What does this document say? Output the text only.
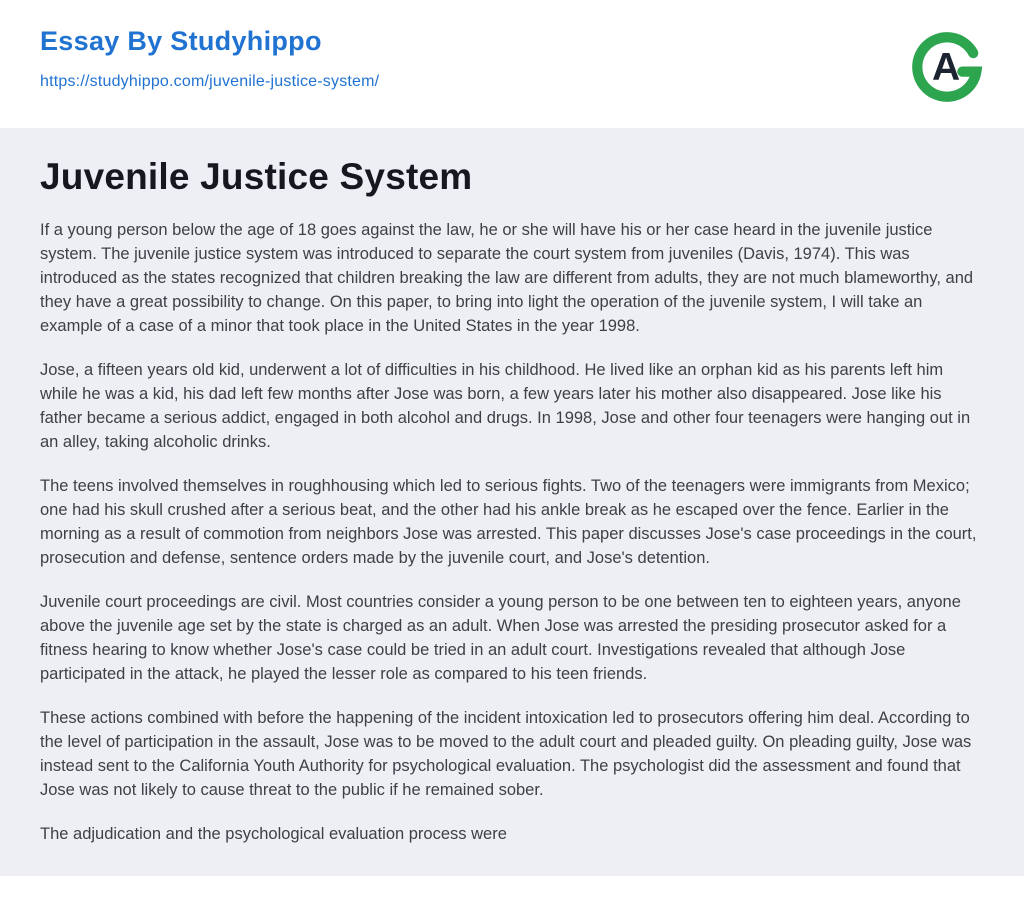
Essay By Studyhippo
https://studyhippo.com/juvenile-justice-system/	A
Juvenile Justice System

If a young person below the age of 18 goes against the law, he or she will have his or her case heard in the juvenile justice system. The juvenile justice system was introduced to separate the court system from juveniles (Davis, 1974). This was introduced as the states recognized that children breaking the law are different from adults, they are not much blameworthy, and they have a great possibility to change. On this paper, to bring into light the operation of the juvenile system, I will take an example of a case of a minor that took place in the United States in the year 1998.

Jose, a fifteen years old kid, underwent a lot of difficulties in his childhood. He lived like an orphan kid as his parents left him while he was a kid, his dad left few months after Jose was born, a few years later his mother also disappeared. Jose like his father became a serious addict, engaged in both alcohol and drugs. In 1998, Jose and other four teenagers were hanging out in an alley, taking alcoholic drinks.

The teens involved themselves in roughhousing which led to serious fights. Two of the teenagers were immigrants from Mexico; one had his skull crushed after a serious beat, and the other had his ankle break as he escaped over the fence. Earlier in the morning as a result of commotion from neighbors Jose was arrested. This paper discusses Jose's case proceedings in the court, prosecution and defense, sentence orders made by the juvenile court, and Jose's detention.

Juvenile court proceedings are civil. Most countries consider a young person to be one between ten to eighteen years, anyone above the juvenile age set by the state is charged as an adult. When Jose was arrested the presiding prosecutor asked for a fitness hearing to know whether Jose's case could be tried in an adult court. Investigations revealed that although Jose participated in the attack, he played the lesser role as compared to his teen friends.

These actions combined with before the happening of the incident intoxication led to prosecutors offering him deal. According to the level of participation in the assault, Jose was to be moved to the adult court and pleaded guilty. On pleading guilty, Jose was instead sent to the California Youth Authority for psychological evaluation. The psychologist did the assessment and found that Jose was not likely to cause threat to the public if he remained sober.

The adjudication and the psychological evaluation process were
